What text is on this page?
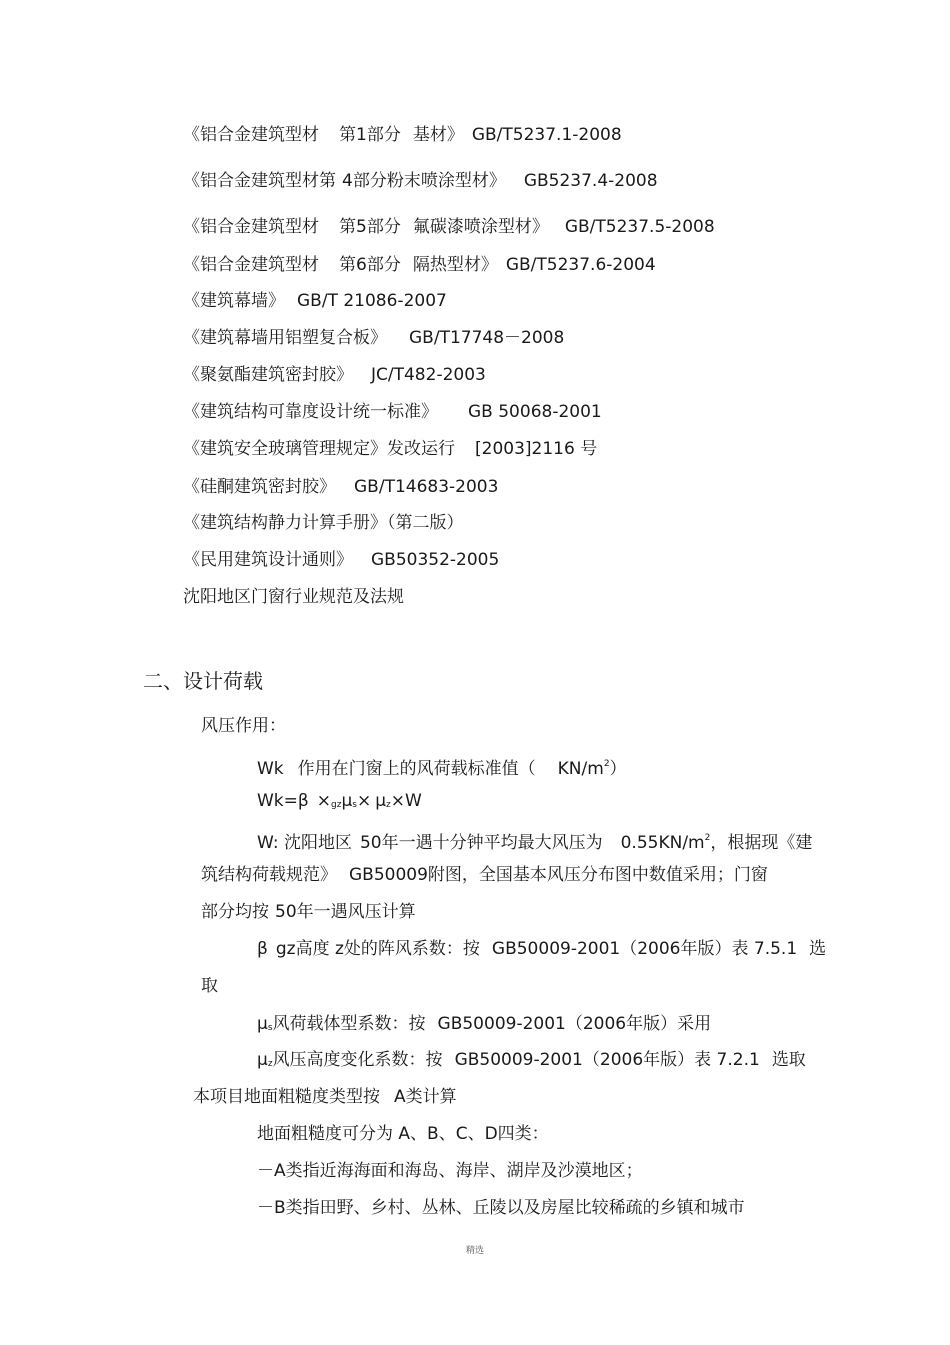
《铝合金建筑型材 第1部分 基材》 GB/T5237.1-2008
《铝合金建筑型材第 4部分粉末喷涂型材》 GB5237.4-2008
《铝合金建筑型材 第5部分 氟碳漆喷涂型材》 GB/T5237.5-2008
《铝合金建筑型材 第6部分 隔热型材》 GB/T5237.6-2004
《建筑幕墙》 GB/T 21086-2007
《建筑幕墙用铝塑复合板》 GB/T17748－2008
《聚氨酯建筑密封胶》 JC/T482-2003
《建筑结构可靠度设计统一标准》 GB 50068-2001
《建筑安全玻璃管理规定》发改运行 [2003]2116 号
《硅酮建筑密封胶》 GB/T14683-2003
《建筑结构静力计算手册》（第二版）
《民用建筑设计通则》 GB50352-2005
沈阳地区门窗行业规范及法规
二、设计荷载
风压作用：
Wk 作用在门窗上的风荷载标准值（ $KN/m^2$）
$Wk=\beta \times_{gz}\mu_s\times \mu_z\times W$
W: 沈阳地区 50年一遇十分钟平均最大风压为 $0.55KN/m^2$，根据现《建
筑结构荷载规范》 GB50009附图，全国基本风压分布图中数值采用；门窗
部分均按 50年一遇风压计算
β gz高度 z处的阵风系数：按 GB50009-2001（2006年版）表 7.5.1 选
取
$\mu_s$风荷载体型系数：按 GB50009-2001（2006年版）采用
$\mu_z$风压高度变化系数：按 GB50009-2001（2006年版）表 7.2.1 选取
本项目地面粗糙度类型按 A类计算
地面粗糙度可分为 A、B、C、D四类：
－A类指近海海面和海岛、海岸、湖岸及沙漠地区；
－B类指田野、乡村、丛林、丘陵以及房屋比较稀疏的乡镇和城市
精选
